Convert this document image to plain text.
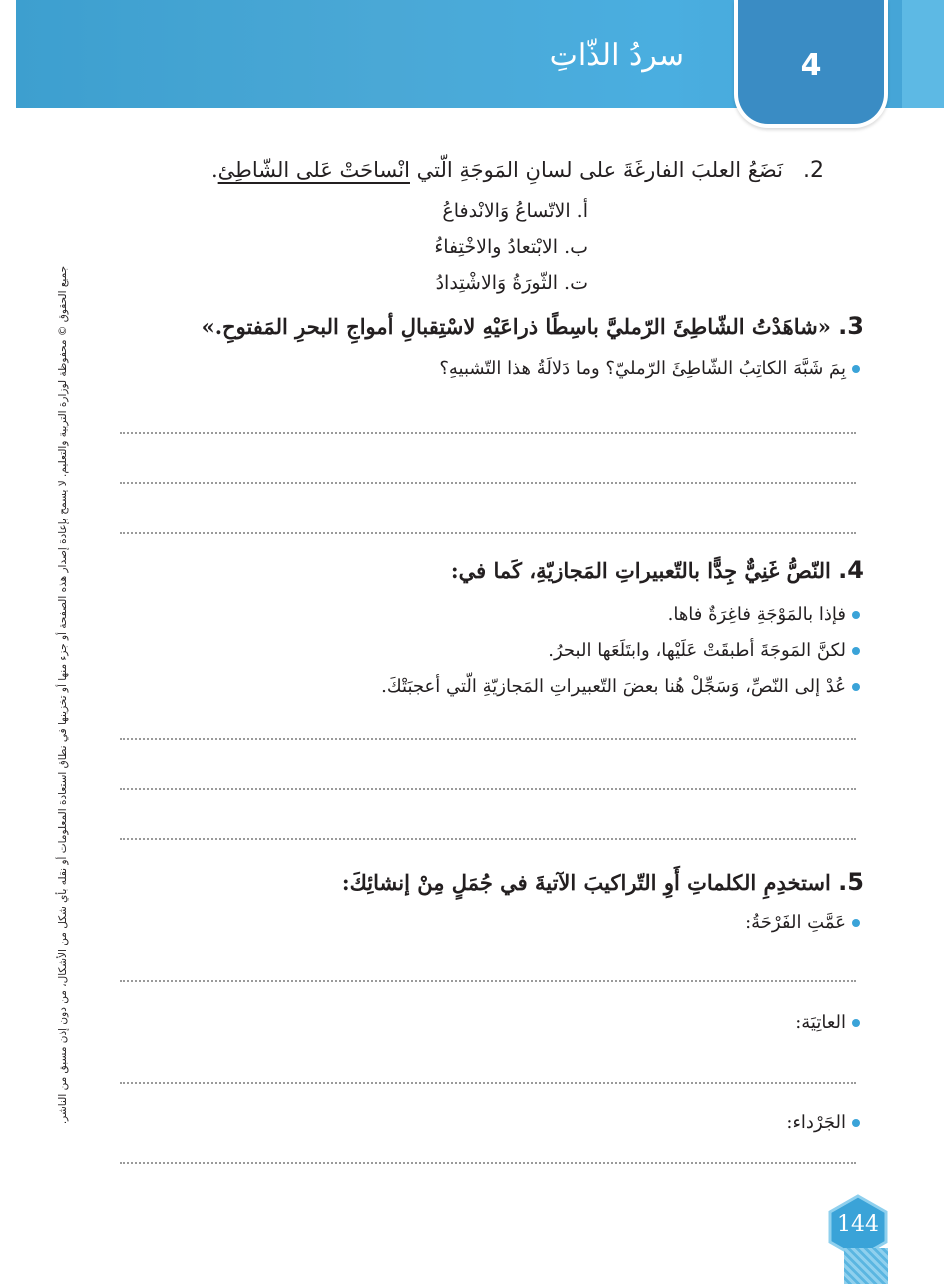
4
سردُ الذّاتِ
جميع الحقوق © محفوظة لوزارة التربية والتعليم. لا يسمح بإعادة إصدار هذه الصفحة أو جزء منها أو تخزينها في نطاق استعادة المعلومات أو نقله بأي شكل من الأشكال، من دون إذن مسبق من الناشر.
2.نَضَعُ العلبَ الفارغَةَ على لسانِ المَوجَةِ الّتي انْساحَتْ عَلى الشّاطِئ.
أ. الاتّساعُ وَالانْدفاعُ
ب. الابْتعادُ والاخْتِفاءُ
ت. الثّورَةُ وَالاشْتِدادُ
3. «شاهَدْتُ الشّاطِئَ الرّمليَّ باسِطًا ذراعَيْهِ لاسْتِقبالِ أمواجِ البحرِ المَفتوحِ.»
بِمَ شَبَّهَ الكاتِبُ الشّاطِئَ الرّمليّ؟ وما دَلالَةُ هذا التّشبيهِ؟
4. النّصُّ غَنِيٌّ جِدًّا بالتّعبيراتِ المَجازيّةِ، كَما في:
فإذا بالمَوْجَةِ فاغِرَةٌ فاها.
لكنَّ المَوجَةَ أطبقَتْ عَلَيْها، وابتَلَعَها البحرُ.
عُدْ إلى النّصِّ، وَسَجِّلْ هُنا بعضَ التّعبيراتِ المَجازيّةِ الّتي أعجبَتْكَ.
5. استخدِمِ الكلماتِ أَوِ التّراكيبَ الآتيةَ في جُمَلٍ مِنْ إنشائِكَ:
عَمَّتِ الفَرْحَةُ:
العاتِيَة:
الجَرْداء:
144
